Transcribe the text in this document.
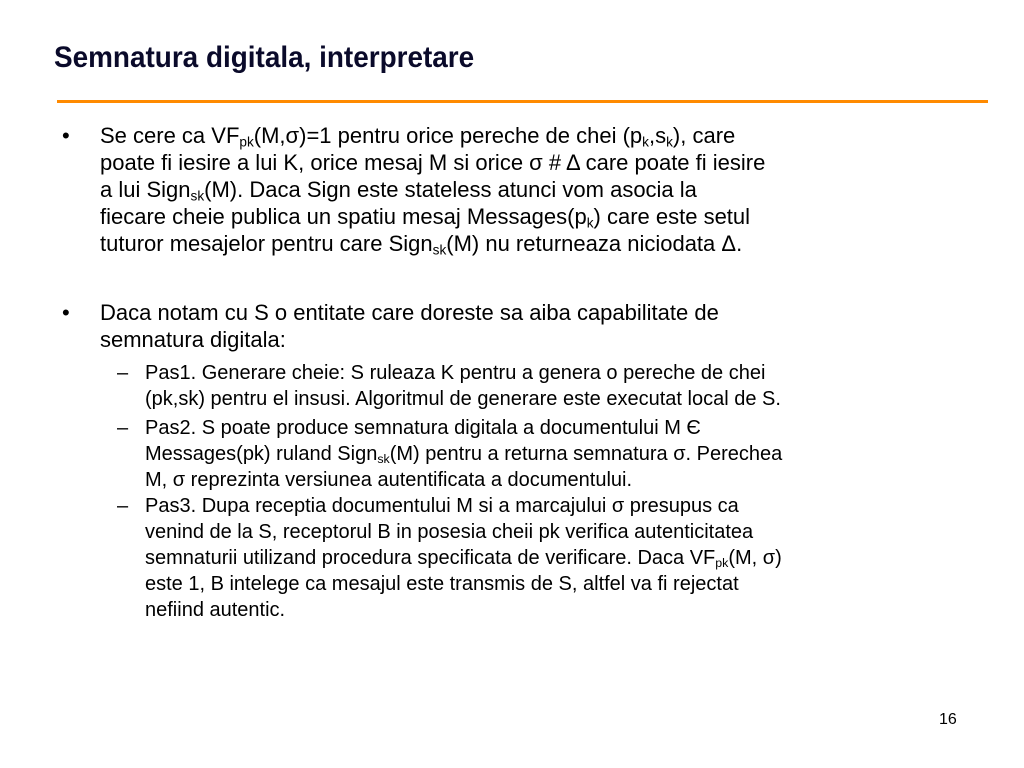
Semnatura digitala, interpretare
• Se cere ca $VF_{pk}(M,\sigma)=1$ pentru orice pereche de chei $(p_k,s_k)$, care
poate fi iesire a lui K, orice mesaj M si orice σ # Δ care poate fi iesire
a lui Sign$_{sk}$(M). Daca Sign este stateless atunci vom asocia la
fiecare cheie publica un spatiu mesaj $Messages(p_k)$ care este setul
tuturor mesajelor pentru care Sign$_{sk}$(M) nu returneaza niciodata Δ.
• Daca notam cu S o entitate care doreste sa aiba capabilitate de
semnatura digitala:
– Pas1. Generare cheie: S ruleaza K pentru a genera o pereche de chei
(pk,sk) pentru el insusi. Algoritmul de generare este executat local de S.
– Pas2. S poate produce semnatura digitala a documentului M Є
Messages(pk) ruland Sign$_{sk}$(M) pentru a returna semnatura σ. Perechea
M, σ reprezinta versiunea autentificata a documentului.
– Pas3. Dupa receptia documentului M si a marcajului σ presupus ca
venind de la S, receptorul B in posesia cheii pk verifica autenticitatea
semnaturii utilizand procedura specificata de verificare. Daca $VF_{pk}(M$, σ)
este 1, B intelege ca mesajul este transmis de S, altfel va fi rejectat
nefiind autentic.
16
